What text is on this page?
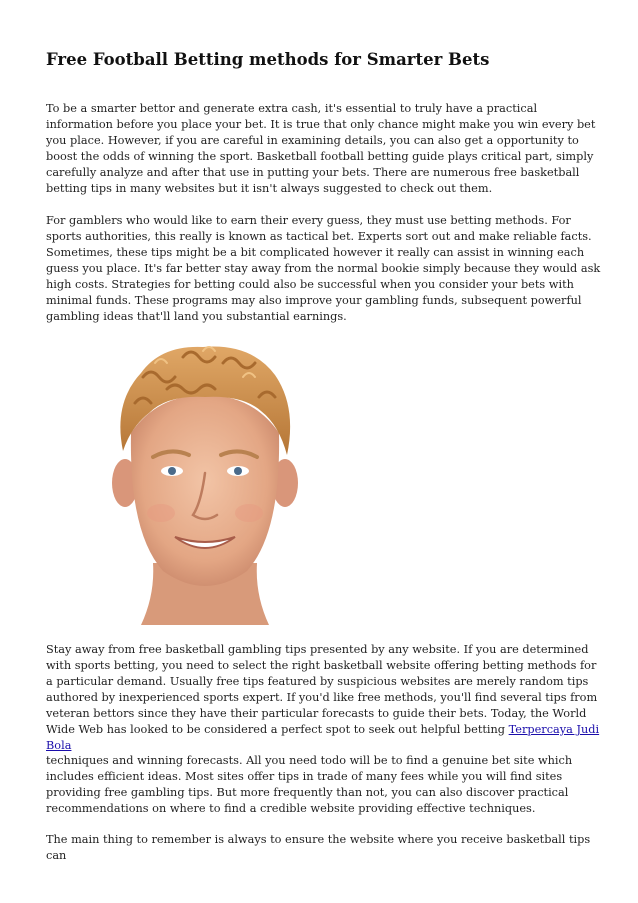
Free Football Betting methods for Smarter Bets

To be a smarter bettor and generate extra cash, it's essential to truly have a practical information before you place your bet. It is true that only chance might make you win every bet you place. However, if you are careful in examining details, you can also get a opportunity to boost the odds of winning the sport. Basketball football betting guide plays critical part, simply carefully analyze and after that use in putting your bets. There are numerous free basketball betting tips in many websites but it isn't always suggested to check out them.

For gamblers who would like to earn their every guess, they must use betting methods. For sports authorities, this really is known as tactical bet. Experts sort out and make reliable facts. Sometimes, these tips might be a bit complicated however it really can assist in winning each guess you place. It's far better stay away from the normal bookie simply because they would ask high costs. Strategies for betting could also be successful when you consider your bets with minimal funds. These programs may also improve your gambling funds, subsequent powerful gambling ideas that'll land you substantial earnings.

Stay away from free basketball gambling tips presented by any website. If you are determined with sports betting, you need to select the right basketball website offering betting methods for a particular demand. Usually free tips featured by suspicious websites are merely random tips authored by inexperienced sports expert. If you'd like free methods, you'll find several tips from veteran bettors since they have their particular forecasts to guide their bets. Today, the World Wide Web has looked to be considered a perfect spot to seek out helpful betting Terpercaya Judi Bola

techniques and winning forecasts. All you need todo will be to find a genuine bet site which includes efficient ideas. Most sites offer tips in trade of many fees while you will find sites providing free gambling tips. But more frequently than not, you can also discover practical recommendations on where to find a credible website providing effective techniques.

The main thing to remember is always to ensure the website where you receive basketball tips can
